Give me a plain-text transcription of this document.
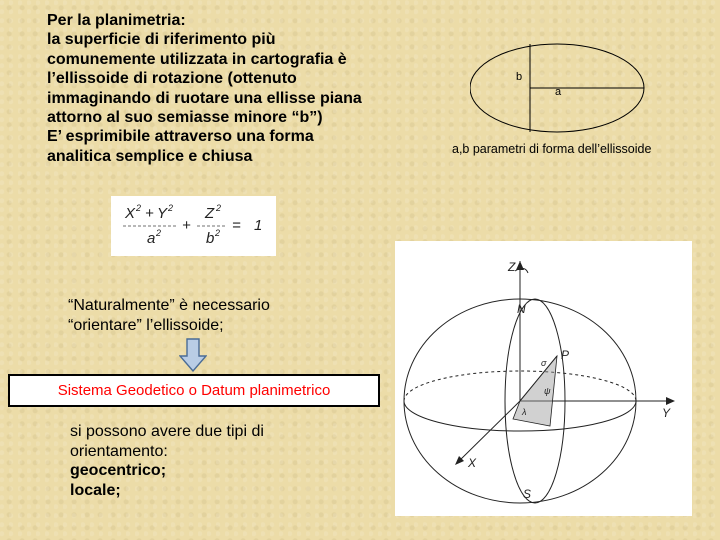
Per la planimetria:
la superficie di riferimento più
comunemente utilizzata in cartografia è
l’ellissoide di rotazione (ottenuto
immaginando di ruotare una ellisse piana
attorno al suo semiasse minore “b”)
E’ esprimibile attraverso una forma
analitica semplice e chiusa
X 2 + Y 2
a 2 +
Z 2
b 2 = 1
b
a
a,b parametri di forma dell’ellissoide
“Naturalmente” è necessario
“orientare” l’ellissoide;
Sistema Geodetico o Datum planimetrico
si possono avere due tipi di
orientamento:
geocentrico;
locale;
Z
N
P
σ
ψ
λ	Y
X
S
